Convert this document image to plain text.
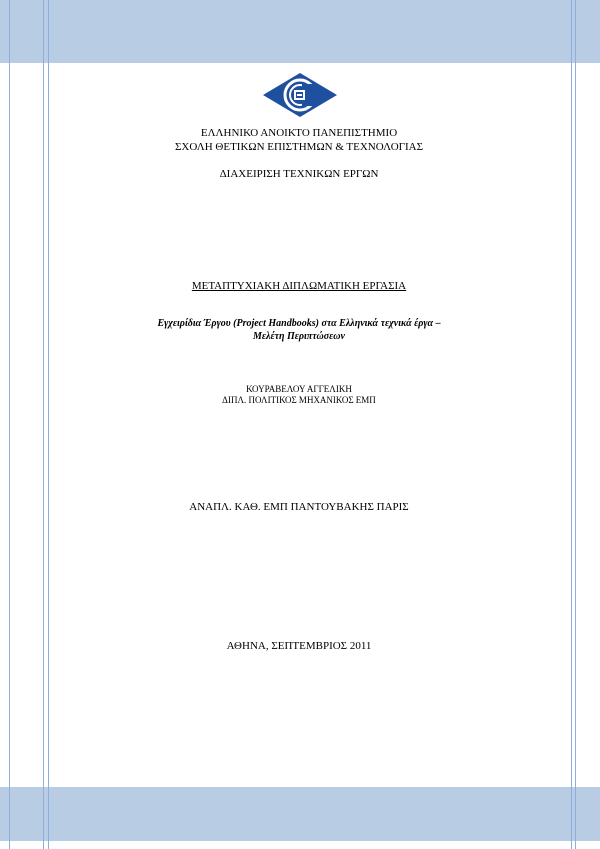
ΕΛΛΗΝΙΚΟ ΑΝΟΙΚΤΟ ΠΑΝΕΠΙΣΤΗΜΙΟ
ΣΧΟΛΗ ΘΕΤΙΚΩΝ ΕΠΙΣΤΗΜΩΝ & ΤΕΧΝΟΛΟΓΙΑΣ
ΔΙΑΧΕΙΡΙΣΗ ΤΕΧΝΙΚΩΝ ΕΡΓΩΝ
ΜΕΤΑΠΤΥΧΙΑΚΗ ΔΙΠΛΩΜΑΤΙΚΗ ΕΡΓΑΣΙΑ
Εγχειρίδια Έργου (Project Handbooks) στα Ελληνικά τεχνικά έργα –
Μελέτη Περιπτώσεων
ΚΟΥΡΑΒΕΛΟΥ ΑΓΓΕΛΙΚΗ
ΔΙΠΛ. ΠΟΛΙΤΙΚΟΣ ΜΗΧΑΝΙΚΟΣ ΕΜΠ
ΑΝΑΠΛ. ΚΑΘ. ΕΜΠ ΠΑΝΤΟΥΒΑΚΗΣ ΠΑΡΙΣ
ΑΘΗΝΑ, ΣΕΠΤΕΜΒΡΙΟΣ 2011
